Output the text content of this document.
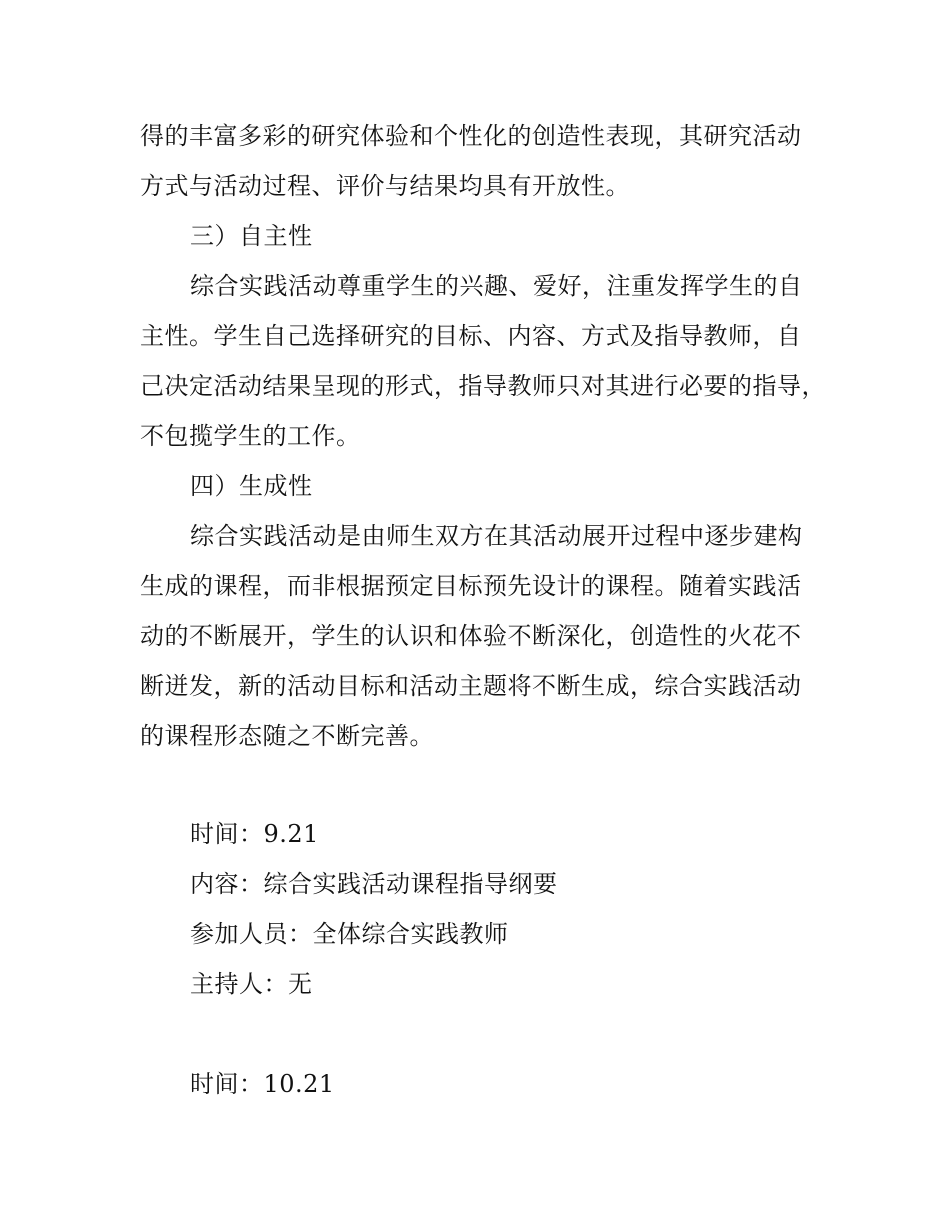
得的丰富多彩的研究体验和个性化的创造性表现，其研究活动
方式与活动过程、评价与结果均具有开放性。
三）自主性
综合实践活动尊重学生的兴趣、爱好，注重发挥学生的自
主性。学生自己选择研究的目标、内容、方式及指导教师，自
己决定活动结果呈现的形式，指导教师只对其进行必要的指导，
不包揽学生的工作。
四）生成性
综合实践活动是由师生双方在其活动展开过程中逐步建构
生成的课程，而非根据预定目标预先设计的课程。随着实践活
动的不断展开，学生的认识和体验不断深化，创造性的火花不
断迸发，新的活动目标和活动主题将不断生成，综合实践活动
的课程形态随之不断完善。
时间：9.21
内容：综合实践活动课程指导纲要
参加人员：全体综合实践教师
主持人：无
时间：10.21
